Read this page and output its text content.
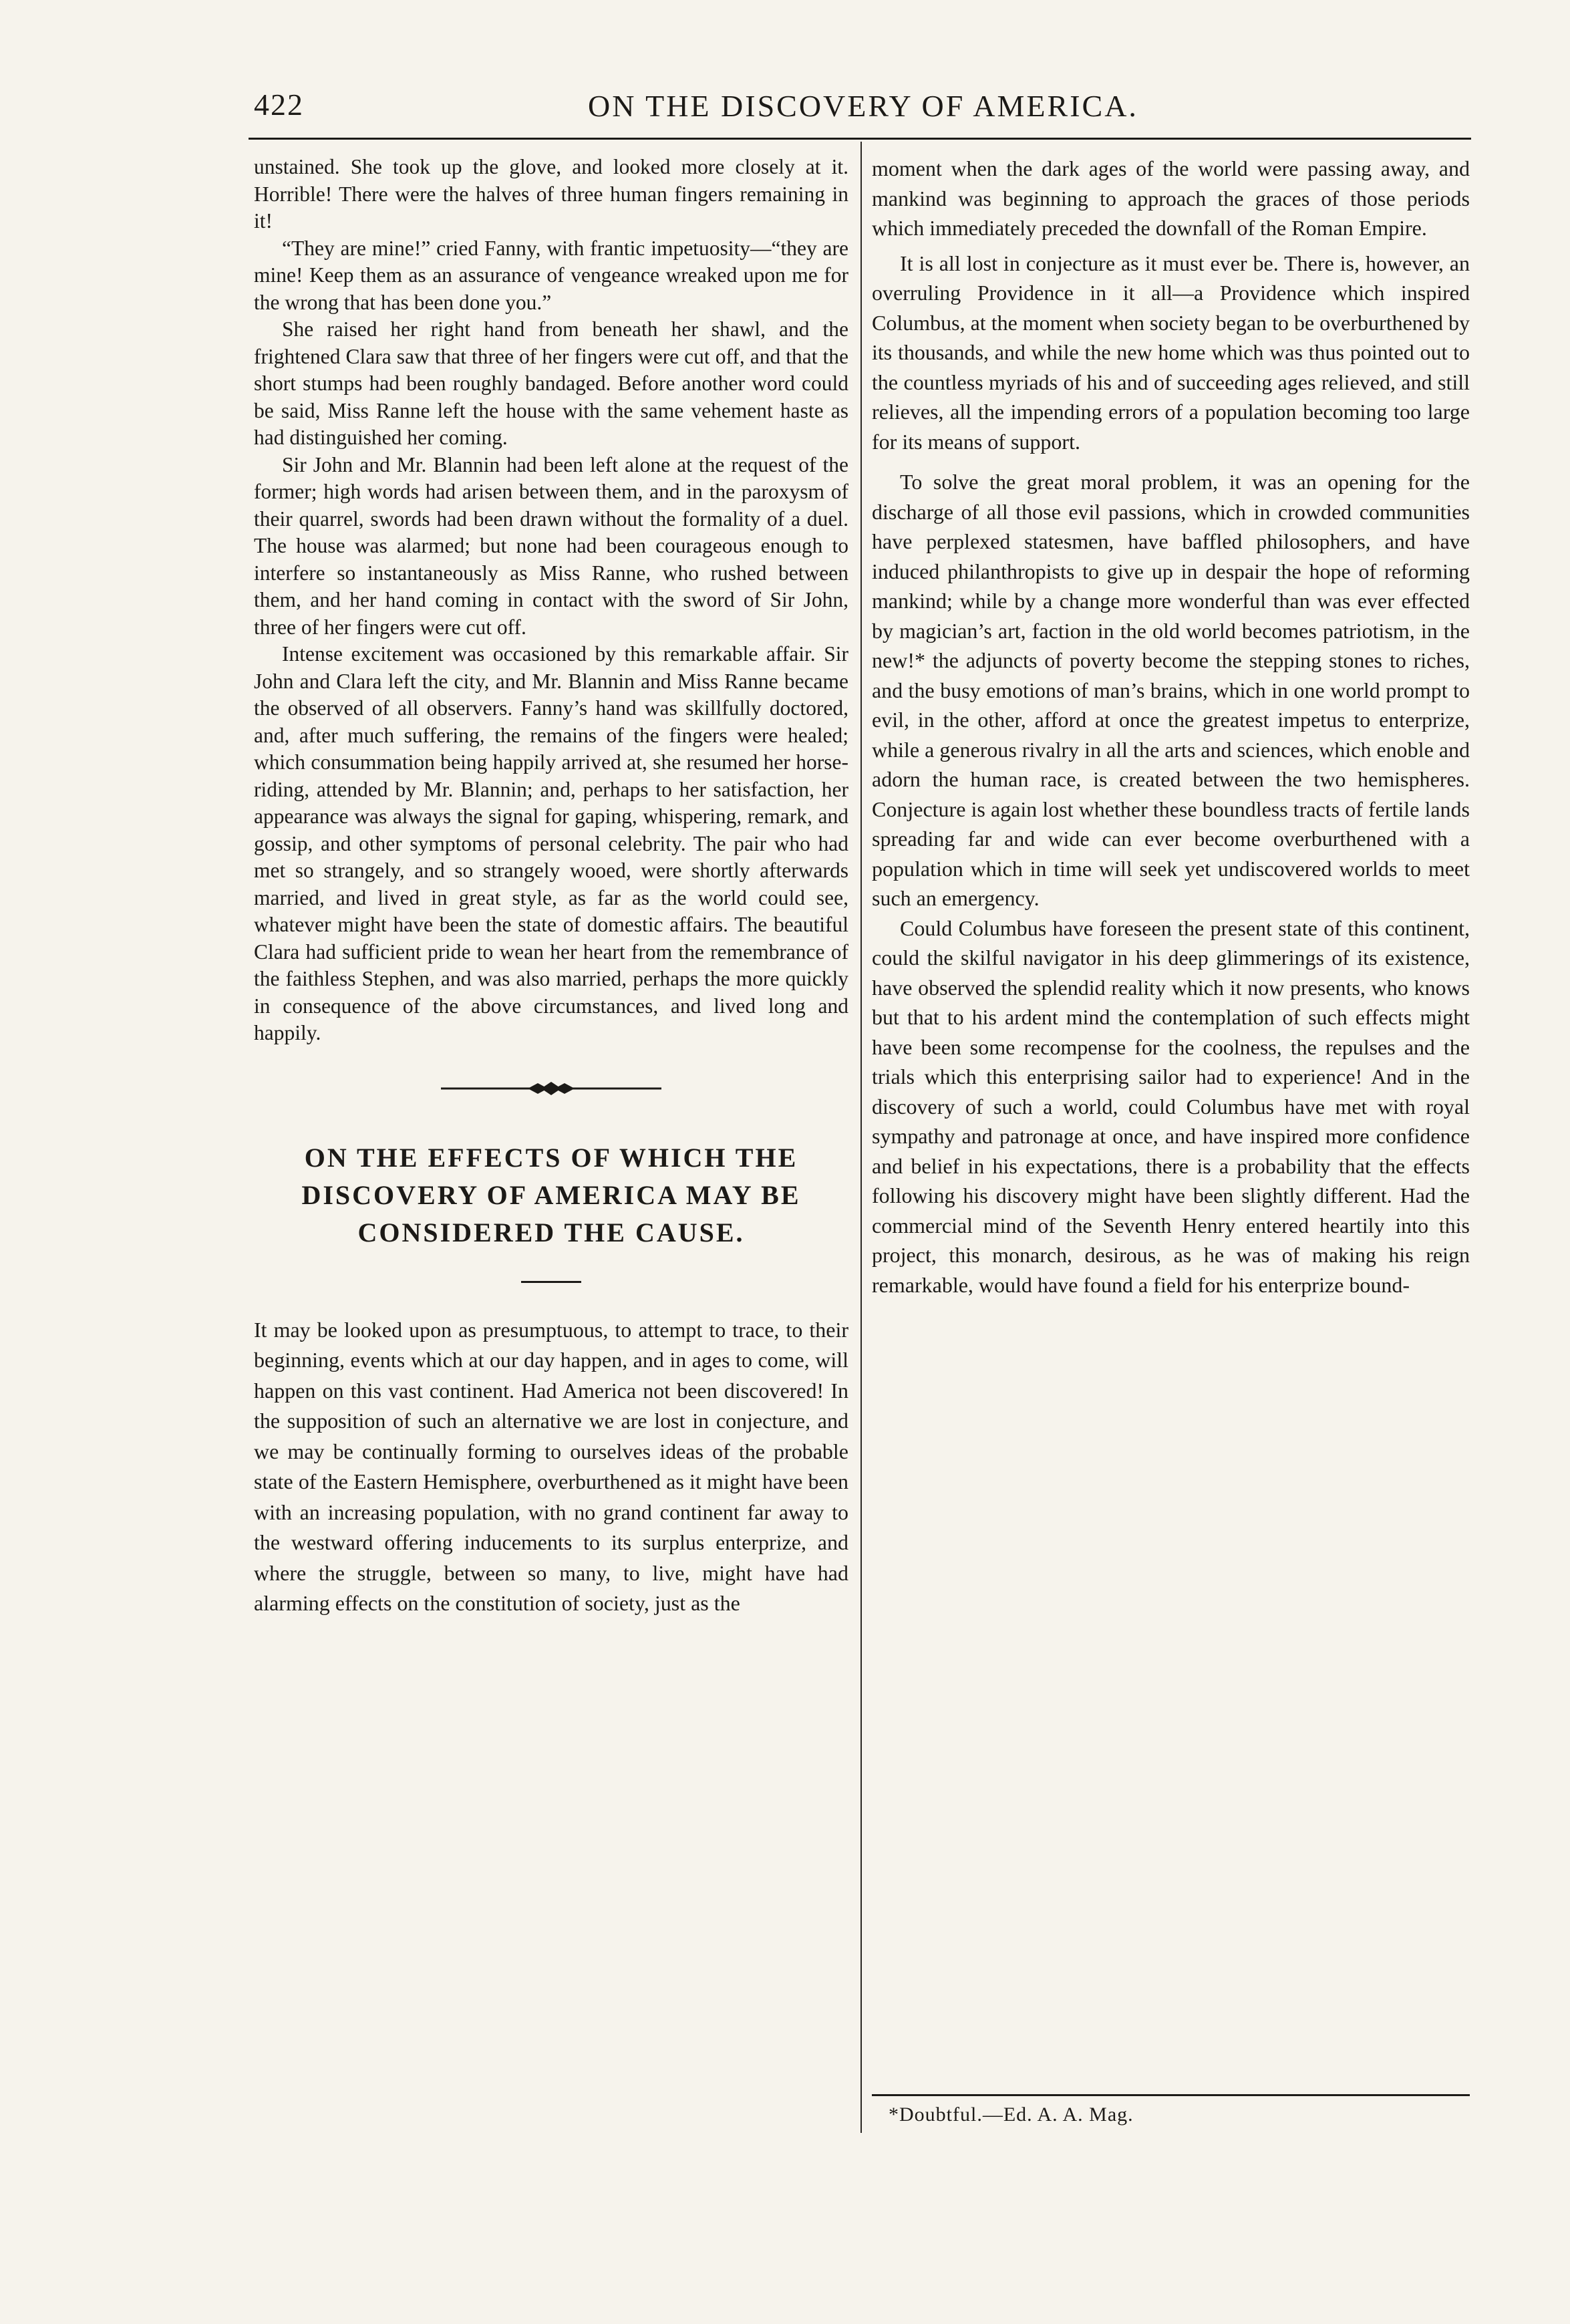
422	ON THE DISCOVERY OF AMERICA.

unstained. She took up the glove, and looked more closely at it. Horrible! There were the halves of three human fingers remaining in it!

“They are mine!” cried Fanny, with frantic impetuosity—“they are mine! Keep them as an assurance of vengeance wreaked upon me for the wrong that has been done you.”

She raised her right hand from beneath her shawl, and the frightened Clara saw that three of her fingers were cut off, and that the short stumps had been roughly bandaged. Before another word could be said, Miss Ranne left the house with the same vehement haste as had distinguished her coming.

Sir John and Mr. Blannin had been left alone at the request of the former; high words had arisen between them, and in the paroxysm of their quarrel, swords had been drawn without the formality of a duel. The house was alarmed; but none had been courageous enough to interfere so instantaneously as Miss Ranne, who rushed between them, and her hand coming in contact with the sword of Sir John, three of her fingers were cut off.

Intense excitement was occasioned by this remarkable affair. Sir John and Clara left the city, and Mr. Blannin and Miss Ranne became the observed of all observers. Fanny’s hand was skillfully doctored, and, after much suffering, the remains of the fingers were healed; which consummation being happily arrived at, she resumed her horse-riding, attended by Mr. Blannin; and, perhaps to her satisfaction, her appearance was always the signal for gaping, whispering, remark, and gossip, and other symptoms of personal celebrity. The pair who had met so strangely, and so strangely wooed, were shortly afterwards married, and lived in great style, as far as the world could see, whatever might have been the state of domestic affairs. The beautiful Clara had sufficient pride to wean her heart from the remembrance of the faithless Stephen, and was also married, perhaps the more quickly in consequence of the above circumstances, and lived long and happily.

ON THE EFFECTS OF WHICH THE DISCOVERY OF AMERICA MAY BE CONSIDERED THE CAUSE.

It may be looked upon as presumptuous, to attempt to trace, to their beginning, events which at our day happen, and in ages to come, will happen on this vast continent. Had America not been discovered! In the supposition of such an alternative we are lost in conjecture, and we may be continually forming to ourselves ideas of the probable state of the Eastern Hemisphere, overburthened as it might have been with an increasing population, with no grand continent far away to the westward offering inducements to its surplus enterprize, and where the struggle, between so many, to live, might have had alarming effects on the constitution of society, just as the

moment when the dark ages of the world were passing away, and mankind was beginning to approach the graces of those periods which immediately preceded the downfall of the Roman Empire.

It is all lost in conjecture as it must ever be. There is, however, an overruling Providence in it all—a Providence which inspired Columbus, at the moment when society began to be overburthened by its thousands, and while the new home which was thus pointed out to the countless myriads of his and of succeeding ages relieved, and still relieves, all the impending errors of a population becoming too large for its means of support.

To solve the great moral problem, it was an opening for the discharge of all those evil passions, which in crowded communities have perplexed statesmen, have baffled philosophers, and have induced philanthropists to give up in despair the hope of reforming mankind; while by a change more wonderful than was ever effected by magician’s art, faction in the old world becomes patriotism, in the new!* the adjuncts of poverty become the stepping stones to riches, and the busy emotions of man’s brains, which in one world prompt to evil, in the other, afford at once the greatest impetus to enterprize, while a generous rivalry in all the arts and sciences, which enoble and adorn the human race, is created between the two hemispheres. Conjecture is again lost whether these boundless tracts of fertile lands spreading far and wide can ever become overburthened with a population which in time will seek yet undiscovered worlds to meet such an emergency.

Could Columbus have foreseen the present state of this continent, could the skilful navigator in his deep glimmerings of its existence, have observed the splendid reality which it now presents, who knows but that to his ardent mind the contemplation of such effects might have been some recompense for the coolness, the repulses and the trials which this enterprising sailor had to experience! And in the discovery of such a world, could Columbus have met with royal sympathy and patronage at once, and have inspired more confidence and belief in his expectations, there is a probability that the effects following his discovery might have been slightly different. Had the commercial mind of the Seventh Henry entered heartily into this project, this monarch, desirous, as he was of making his reign remarkable, would have found a field for his enterprize bound-

*Doubtful.—Ed. A. A. Mag.
